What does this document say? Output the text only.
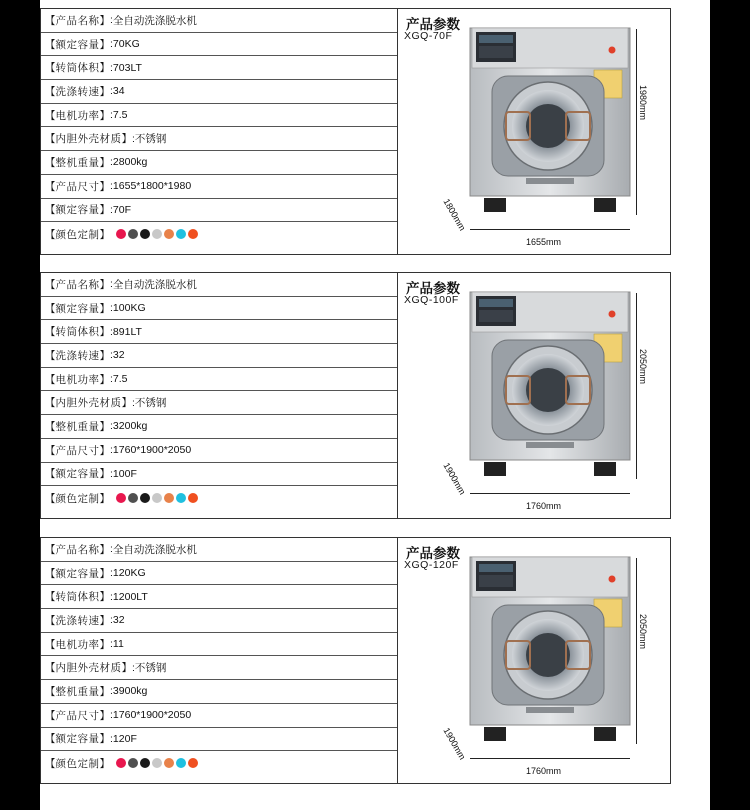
【 产品名称 】 : 全自动洗涤脱水机
【 额定容量 】 : 70KG
【 转筒体积 】 : 703LT
【 洗涤转速 】 : 34
【 电机功率 】 : 7.5
【 内胆外壳材质 】 : 不锈钢
【 整机重量 】 : 2800kg
【 产品尺寸 】 : 1655*1800*1980
【 额定容量 】 : 70F
【 颜色定制 】
产品参数
XGQ-70F
1655mm
1980mm
1800mm
【 产品名称 】 : 全自动洗涤脱水机
【 额定容量 】 : 100KG
【 转筒体积 】 : 891LT
【 洗涤转速 】 : 32
【 电机功率 】 : 7.5
【 内胆外壳材质 】 : 不锈钢
【 整机重量 】 : 3200kg
【 产品尺寸 】 : 1760*1900*2050
【 额定容量 】 : 100F
【 颜色定制 】
产品参数
XGQ-100F
1760mm
2050mm
1900mm
【 产品名称 】 : 全自动洗涤脱水机
【 额定容量 】 : 120KG
【 转筒体积 】 : 1200LT
【 洗涤转速 】 : 32
【 电机功率 】 : 11
【 内胆外壳材质 】 : 不锈钢
【 整机重量 】 : 3900kg
【 产品尺寸 】 : 1760*1900*2050
【 额定容量 】 : 120F
【 颜色定制 】
产品参数
XGQ-120F
1760mm
2050mm
1900mm
